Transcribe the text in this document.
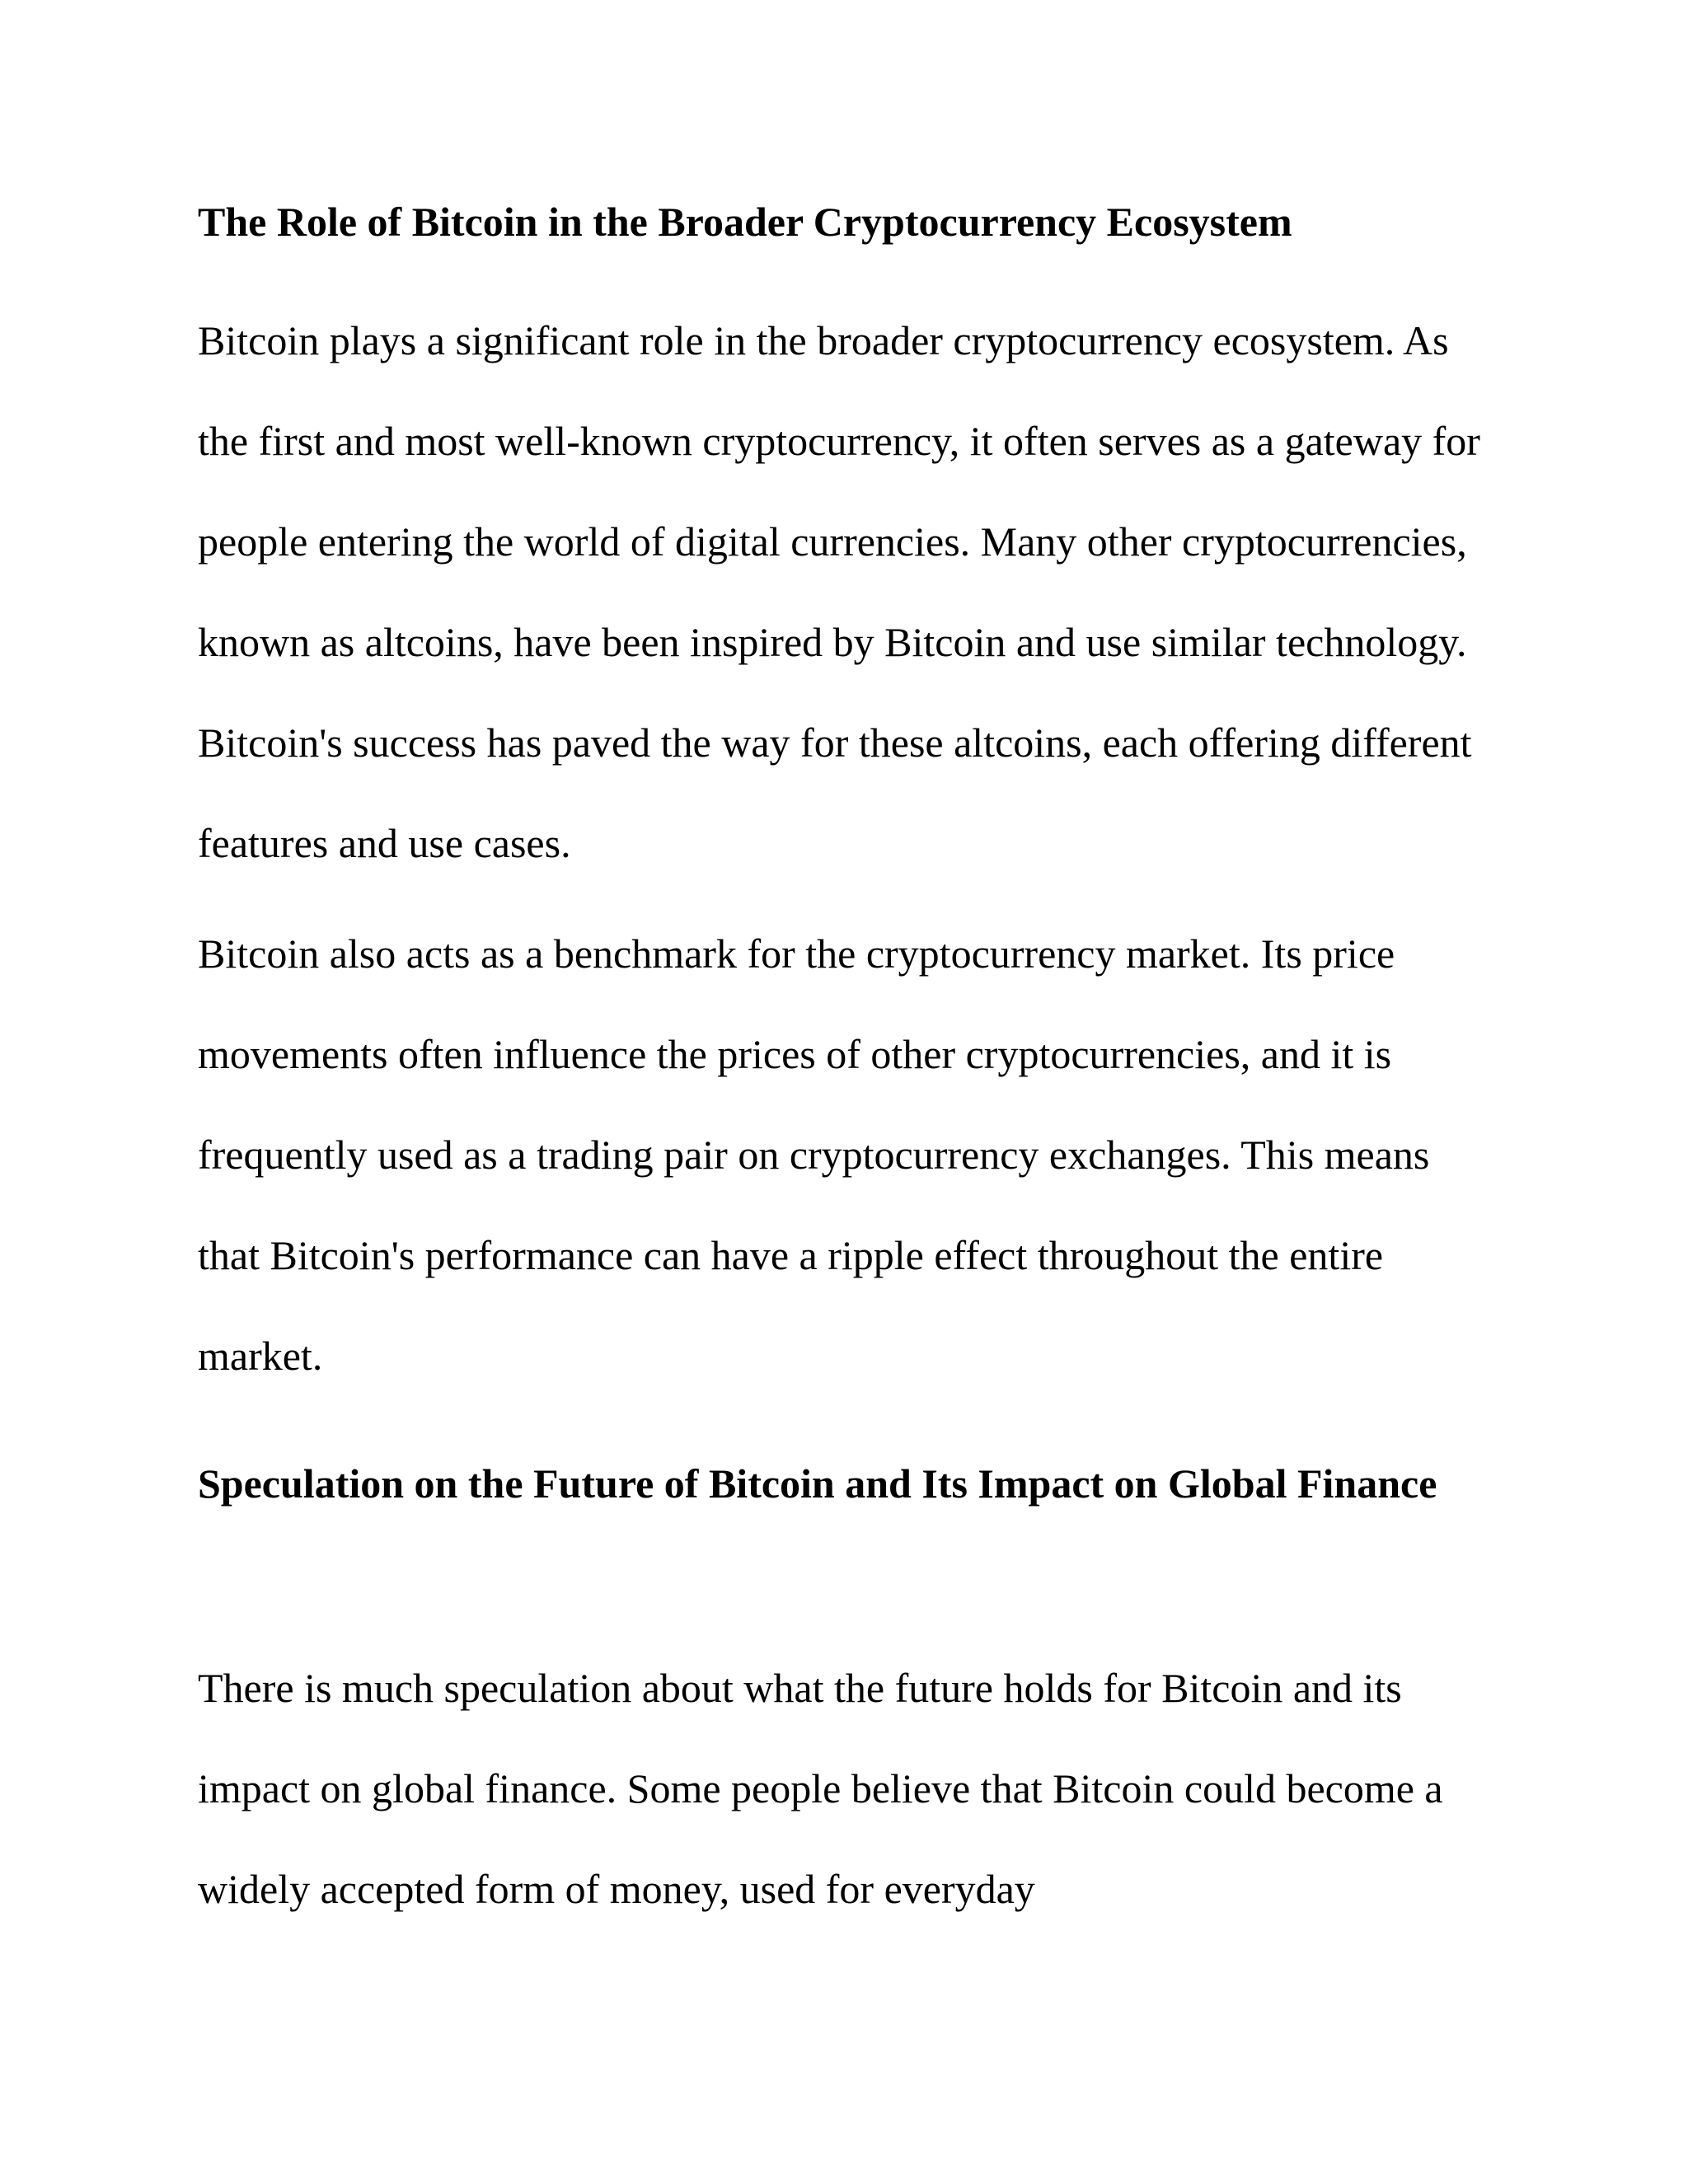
The Role of Bitcoin in the Broader Cryptocurrency Ecosystem

Bitcoin plays a significant role in the broader cryptocurrency ecosystem. As the first and most well-known cryptocurrency, it often serves as a gateway for people entering the world of digital currencies. Many other cryptocurrencies, known as altcoins, have been inspired by Bitcoin and use similar technology. Bitcoin's success has paved the way for these altcoins, each offering different features and use cases.

Bitcoin also acts as a benchmark for the cryptocurrency market. Its price movements often influence the prices of other cryptocurrencies, and it is frequently used as a trading pair on cryptocurrency exchanges. This means that Bitcoin's performance can have a ripple effect throughout the entire market.

Speculation on the Future of Bitcoin and Its Impact on Global Finance

There is much speculation about what the future holds for Bitcoin and its impact on global finance. Some people believe that Bitcoin could become a widely accepted form of money, used for everyday
